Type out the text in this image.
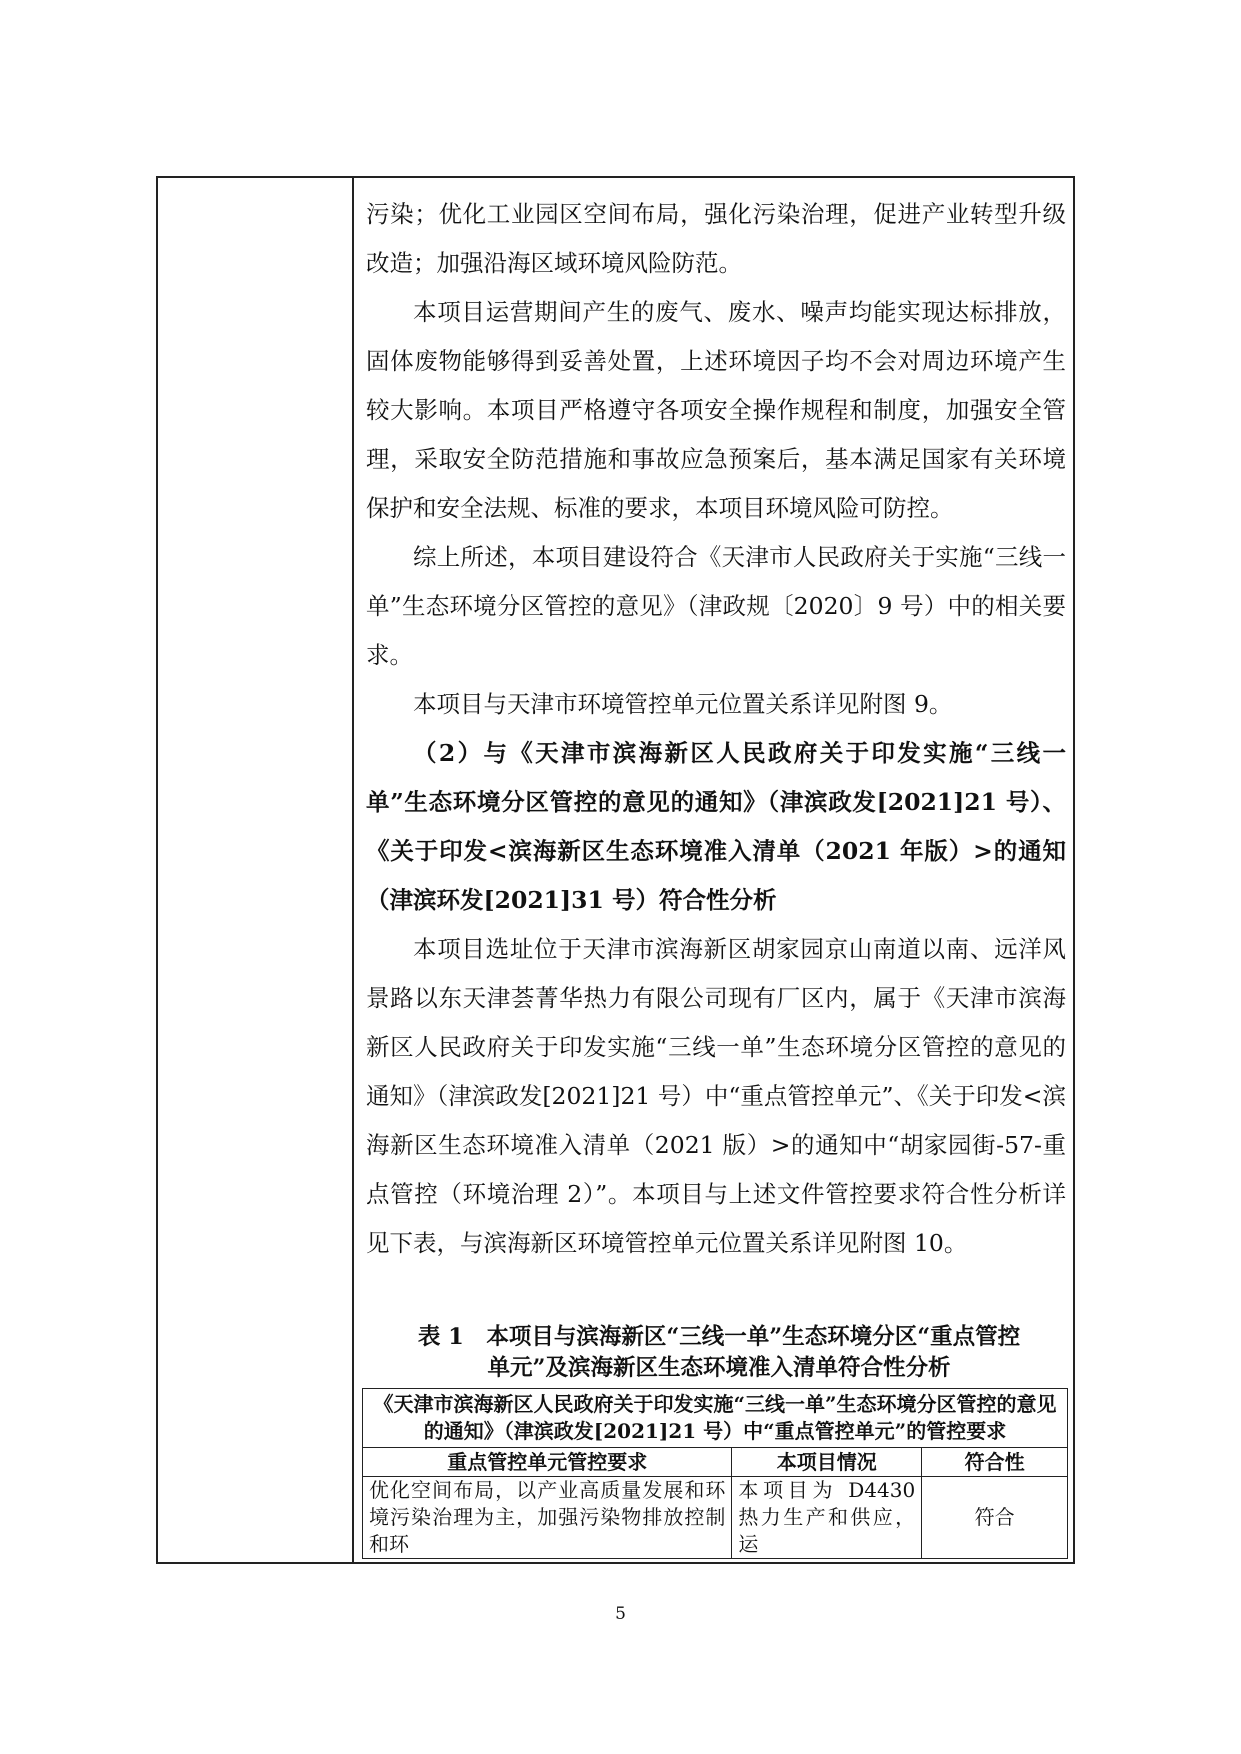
污染；优化工业园区空间布局，强化污染治理，促进产业转型升级改造；加强沿海区域环境风险防范。

本项目运营期间产生的废气、废水、噪声均能实现达标排放，固体废物能够得到妥善处置，上述环境因子均不会对周边环境产生较大影响。本项目严格遵守各项安全操作规程和制度，加强安全管理，采取安全防范措施和事故应急预案后，基本满足国家有关环境保护和安全法规、标准的要求，本项目环境风险可防控。

综上所述，本项目建设符合《天津市人民政府关于实施“三线一单”生态环境分区管控的意见》（津政规〔2020〕9 号）中的相关要求。

本项目与天津市环境管控单元位置关系详见附图 9。

（2）与《天津市滨海新区人民政府关于印发实施“三线一单”生态环境分区管控的意见的通知》（津滨政发[2021]21 号）、《关于印发<滨海新区生态环境准入清单（2021 年版）>的通知（津滨环发[2021]31 号）符合性分析

本项目选址位于天津市滨海新区胡家园京山南道以南、远洋风景路以东天津荟菁华热力有限公司现有厂区内，属于《天津市滨海新区人民政府关于印发实施“三线一单”生态环境分区管控的意见的通知》（津滨政发[2021]21 号）中“重点管控单元”、《关于印发<滨海新区生态环境准入清单（2021 版）>的通知中“胡家园街-57-重点管控（环境治理 2）”。本项目与上述文件管控要求符合性分析详见下表，与滨海新区环境管控单元位置关系详见附图 10。

表 1　本项目与滨海新区“三线一单”生态环境分区“重点管控
单元”及滨海新区生态环境准入清单符合性分析
《天津市滨海新区人民政府关于印发实施“三线一单”生态环境分区管控的意见的通知》（津滨政发[2021]21 号）中“重点管控单元”的管控要求		
重点管控单元管控要求	本项目情况	符合性
优化空间布局，以产业高质量发展和环境污染治理为主，加强污染物排放控制和环	本项目为 D4430 热力生产和供应，运	符合
5
